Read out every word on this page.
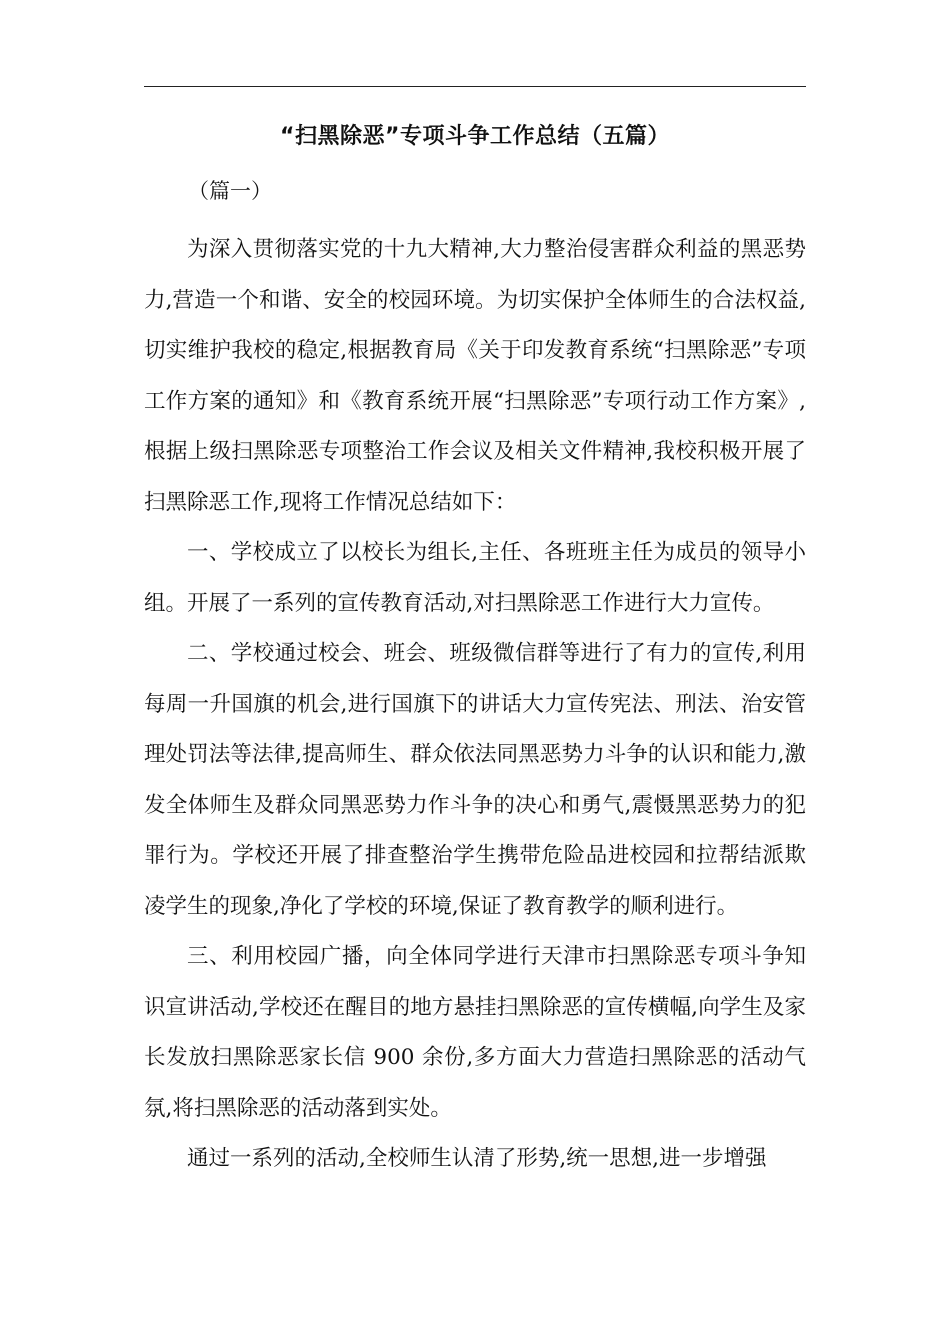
“扫黑除恶”专项斗争工作总结（五篇）
（篇一）

为深入贯彻落实党的十九大精神,大力整治侵害群众利益的黑恶势力,营造一个和谐、安全的校园环境。为切实保护全体师生的合法权益,切实维护我校的稳定,根据教育局《关于印发教育系统“扫黑除恶”专项工作方案的通知》和《教育系统开展“扫黑除恶”专项行动工作方案》,根据上级扫黑除恶专项整治工作会议及相关文件精神,我校积极开展了扫黑除恶工作,现将工作情况总结如下：

一、学校成立了以校长为组长,主任、各班班主任为成员的领导小组。开展了一系列的宣传教育活动,对扫黑除恶工作进行大力宣传。

二、学校通过校会、班会、班级微信群等进行了有力的宣传,利用每周一升国旗的机会,进行国旗下的讲话大力宣传宪法、刑法、治安管理处罚法等法律,提高师生、群众依法同黑恶势力斗争的认识和能力,激发全体师生及群众同黑恶势力作斗争的决心和勇气,震慑黑恶势力的犯罪行为。学校还开展了排查整治学生携带危险品进校园和拉帮结派欺凌学生的现象,净化了学校的环境,保证了教育教学的顺利进行。

三、利用校园广播，向全体同学进行天津市扫黑除恶专项斗争知识宣讲活动,学校还在醒目的地方悬挂扫黑除恶的宣传横幅,向学生及家长发放扫黑除恶家长信 900 余份,多方面大力营造扫黑除恶的活动气氛,将扫黑除恶的活动落到实处。

通过一系列的活动,全校师生认清了形势,统一思想,进一步增强
